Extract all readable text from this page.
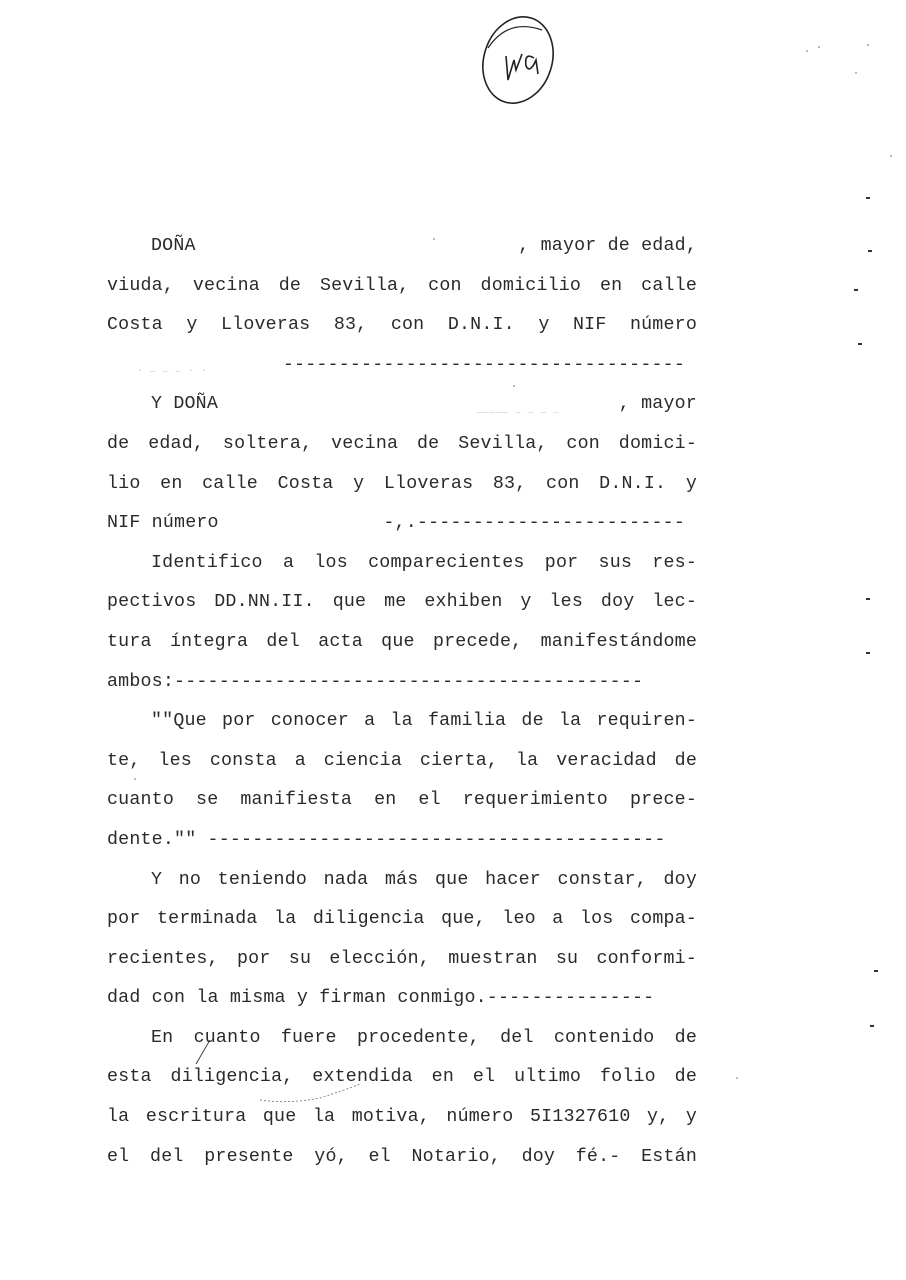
DOÑA	, mayor de edad,
viuda, vecina de Sevilla, con domicilio en calle
Costa y Lloveras 83, con D.N.I. y NIF número
. _ _ _ . .	------------------------------------
Y DOÑA	_____ _ _ _ _	, mayor
de edad, soltera, vecina de Sevilla, con domici-
lio en calle Costa y Lloveras 83, con D.N.I. y
NIF número	-,.------------------------
Identifico a los comparecientes por sus res-
pectivos DD.NN.II. que me exhiben y les doy lec-
tura íntegra del acta que precede, manifestándome
ambos:------------------------------------------
""Que por conocer a la familia de la requiren-
te, les consta a ciencia cierta, la veracidad de
cuanto se manifiesta en el requerimiento prece-
dente."" -----------------------------------------
Y no teniendo nada más que hacer constar, doy
por terminada la diligencia que, leo a los compa-
recientes, por su elección, muestran su conformi-
dad con la misma y firman conmigo.---------------
En cuanto fuere procedente, del contenido de
esta diligencia, extendida en el ultimo folio de
la escritura que la motiva, número 5I1327610 y, y
el del presente yó, el Notario, doy fé.- Están
